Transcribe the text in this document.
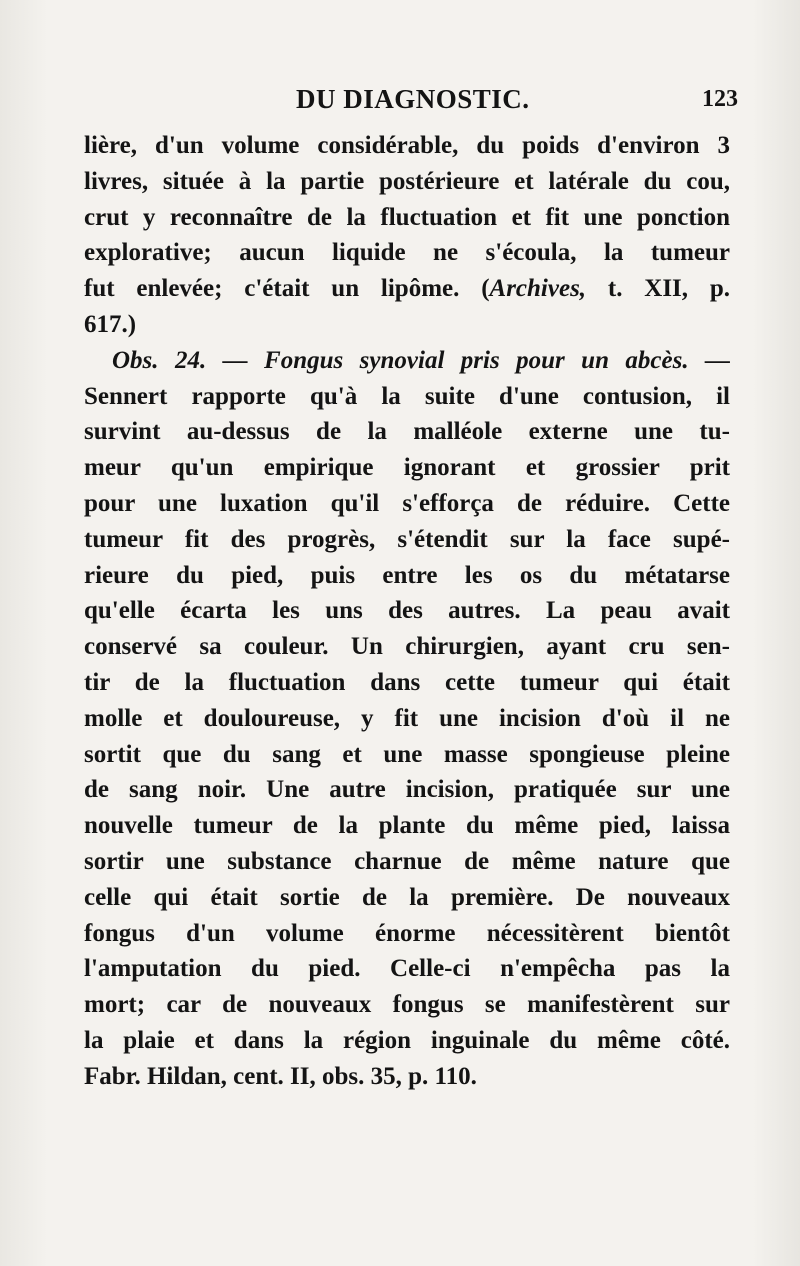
DU DIAGNOSTIC.	123
lière, d'un volume considérable, du poids d'environ 3
livres, située à la partie postérieure et latérale du cou,
crut y reconnaître de la fluctuation et fit une ponction
explorative; aucun liquide ne s'écoula, la tumeur
fut enlevée; c'était un lipôme. (Archives, t. XII, p.
617.)
Obs. 24. — Fongus synovial pris pour un abcès. —
Sennert rapporte qu'à la suite d'une contusion, il
survint au-dessus de la malléole externe une tu-
meur qu'un empirique ignorant et grossier prit
pour une luxation qu'il s'efforça de réduire. Cette
tumeur fit des progrès, s'étendit sur la face supé-
rieure du pied, puis entre les os du métatarse
qu'elle écarta les uns des autres. La peau avait
conservé sa couleur. Un chirurgien, ayant cru sen-
tir de la fluctuation dans cette tumeur qui était
molle et douloureuse, y fit une incision d'où il ne
sortit que du sang et une masse spongieuse pleine
de sang noir. Une autre incision, pratiquée sur une
nouvelle tumeur de la plante du même pied, laissa
sortir une substance charnue de même nature que
celle qui était sortie de la première. De nouveaux
fongus d'un volume énorme nécessitèrent bientôt
l'amputation du pied. Celle-ci n'empêcha pas la
mort; car de nouveaux fongus se manifestèrent sur
la plaie et dans la région inguinale du même côté.
Fabr. Hildan, cent. II, obs. 35, p. 110.
